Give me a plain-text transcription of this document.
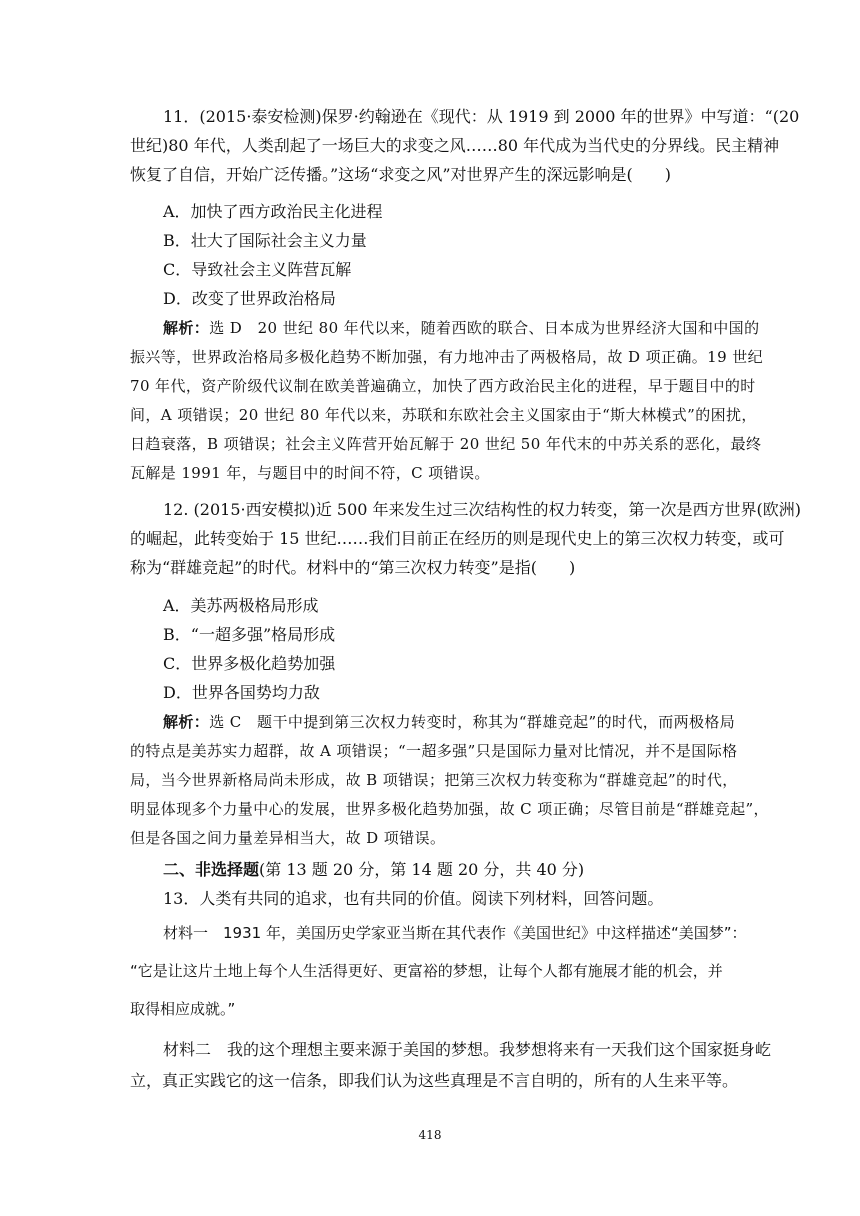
11．(2015·泰安检测)保罗·约翰逊在《现代：从 1919 到 2000 年的世界》中写道：“(20
世纪)80 年代，人类刮起了一场巨大的求变之风……80 年代成为当代史的分界线。民主精神
恢复了自信，开始广泛传播。”这场“求变之风”对世界产生的深远影响是(　　)

A．加快了西方政治民主化进程

B．壮大了国际社会主义力量

C．导致社会主义阵营瓦解

D．改变了世界政治格局

解析：选 D　20 世纪 80 年代以来，随着西欧的联合、日本成为世界经济大国和中国的
振兴等，世界政治格局多极化趋势不断加强，有力地冲击了两极格局，故 D 项正确。19 世纪
70 年代，资产阶级代议制在欧美普遍确立，加快了西方政治民主化的进程，早于题目中的时
间，A 项错误；20 世纪 80 年代以来，苏联和东欧社会主义国家由于“斯大林模式”的困扰，
日趋衰落，B 项错误；社会主义阵营开始瓦解于 20 世纪 50 年代末的中苏关系的恶化，最终
瓦解是 1991 年，与题目中的时间不符，C 项错误。
12. (2015·西安模拟)近 500 年来发生过三次结构性的权力转变，第一次是西方世界(欧洲)
的崛起，此转变始于 15 世纪……我们目前正在经历的则是现代史上的第三次权力转变，或可
称为“群雄竞起”的时代。材料中的“第三次权力转变”是指(　　)

A．美苏两极格局形成

B．“一超多强”格局形成

C．世界多极化趋势加强

D．世界各国势均力敌

解析：选 C　题干中提到第三次权力转变时，称其为“群雄竞起”的时代，而两极格局
的特点是美苏实力超群，故 A 项错误；“一超多强”只是国际力量对比情况，并不是国际格
局，当今世界新格局尚未形成，故 B 项错误；把第三次权力转变称为“群雄竞起”的时代，
明显体现多个力量中心的发展，世界多极化趋势加强，故 C 项正确；尽管目前是“群雄竞起”，
但是各国之间力量差异相当大，故 D 项错误。
二、非选择题(第 13 题 20 分，第 14 题 20 分，共 40 分)
13．人类有共同的追求，也有共同的价值。阅读下列材料，回答问题。
材料一　1931 年，美国历史学家亚当斯在其代表作《美国世纪》中这样描述“美国梦”：
“它是让这片土地上每个人生活得更好、更富裕的梦想，让每个人都有施展才能的机会，并
取得相应成就。”
材料二　我的这个理想主要来源于美国的梦想。我梦想将来有一天我们这个国家挺身屹
立，真正实践它的这一信条，即我们认为这些真理是不言自明的，所有的人生来平等。
418
